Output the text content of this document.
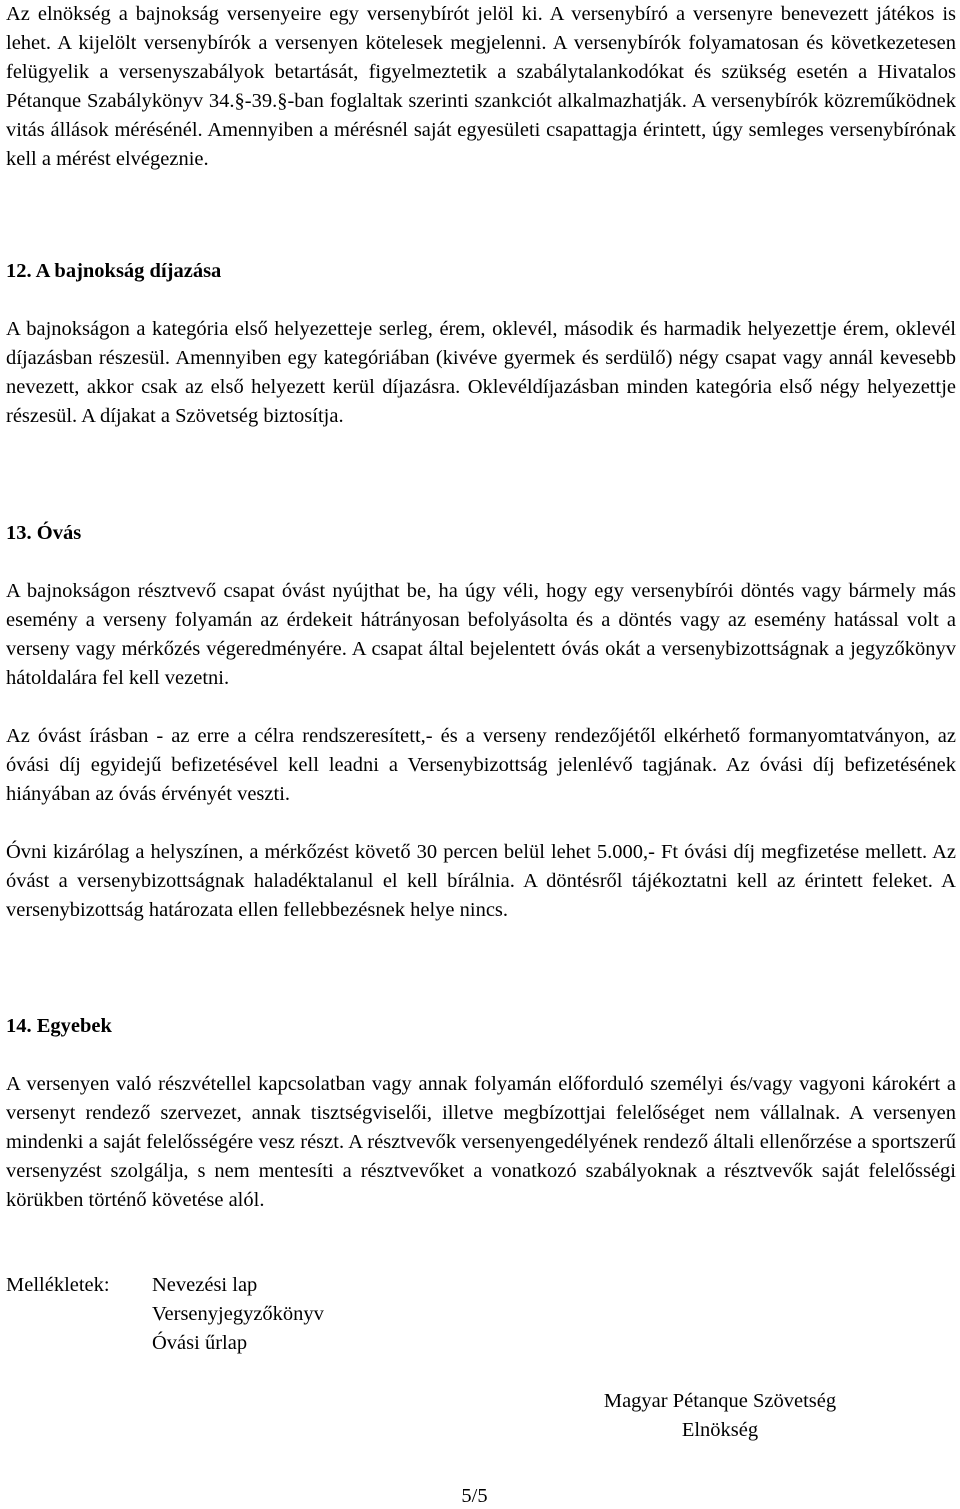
Az elnökség a bajnokság versenyeire egy versenybírót jelöl ki. A versenybíró a versenyre benevezett játékos is lehet. A kijelölt versenybírók a versenyen kötelesek megjelenni. A versenybírók folyamatosan és következetesen felügyelik a versenyszabályok betartását, figyelmeztetik a szabálytalankodókat és szükség esetén a Hivatalos Pétanque Szabálykönyv 34.§-39.§-ban foglaltak szerinti szankciót alkalmazhatják. A versenybírók közreműködnek vitás állások mérésénél. Amennyiben a mérésnél saját egyesületi csapattagja érintett, úgy semleges versenybírónak kell a mérést elvégeznie.

12. A bajnokság díjazása

A bajnokságon a kategória első helyezetteje serleg, érem, oklevél, második és harmadik helyezettje érem, oklevél díjazásban részesül. Amennyiben egy kategóriában (kivéve gyermek és serdülő) négy csapat vagy annál kevesebb nevezett, akkor csak az első helyezett kerül díjazásra. Oklevéldíjazásban minden kategória első négy helyezettje részesül. A díjakat a Szövetség biztosítja.

13. Óvás

A bajnokságon résztvevő csapat óvást nyújthat be, ha úgy véli, hogy egy versenybírói döntés vagy bármely más esemény a verseny folyamán az érdekeit hátrányosan befolyásolta és a döntés vagy az esemény hatással volt a verseny vagy mérkőzés végeredményére. A csapat által bejelentett óvás okát a versenybizottságnak a jegyzőkönyv hátoldalára fel kell vezetni.

Az óvást írásban - az erre a célra rendszeresített,- és a verseny rendezőjétől elkérhető formanyomtatványon, az óvási díj egyidejű befizetésével kell leadni a Versenybizottság jelenlévő tagjának. Az óvási díj befizetésének hiányában az óvás érvényét veszti.

Óvni kizárólag a helyszínen, a mérkőzést követő 30 percen belül lehet 5.000,- Ft óvási díj megfizetése mellett. Az óvást a versenybizottságnak haladéktalanul el kell bírálnia. A döntésről tájékoztatni kell az érintett feleket. A versenybizottság határozata ellen fellebbezésnek helye nincs.

14. Egyebek

A versenyen való részvétellel kapcsolatban vagy annak folyamán előforduló személyi és/vagy vagyoni károkért a versenyt rendező szervezet, annak tisztségviselői, illetve megbízottjai felelőséget nem vállalnak. A versenyen mindenki a saját felelősségére vesz részt. A résztvevők versenyengedélyének rendező általi ellenőrzése a sportszerű versenyzést szolgálja, s nem mentesíti a résztvevőket a vonatkozó szabályoknak a résztvevők saját felelősségi körükben történő követése alól.

Mellékletek: Nevezési lap
Versenyjegyzőkönyv
Óvási űrlap
Magyar Pétanque Szövetség
Elnökség
5/5
